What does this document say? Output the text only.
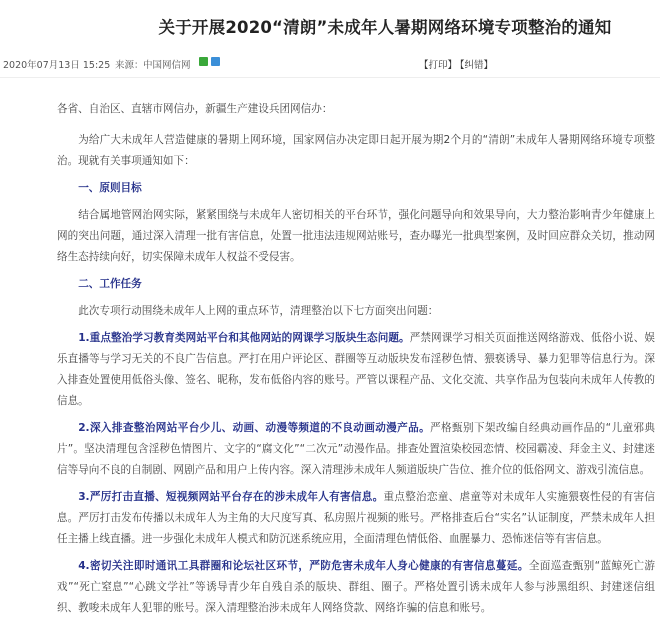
关于开展2020“清朗”未成年人暑期网络环境专项整治的通知
2020年07月13日 15:25 来源： 中国网信网	【打印】
【纠错】

各省、自治区、直辖市网信办，新疆生产建设兵团网信办：

为给广大未成年人营造健康的暑期上网环境，国家网信办决定即日起开展为期2个月的“清朗”未成年人暑期网络环境专项整治。现就有关事项通知如下：

一、原则目标

结合属地管网治网实际，紧紧围绕与未成年人密切相关的平台环节，强化问题导向和效果导向，大力整治影响青少年健康上网的突出问题，通过深入清理一批有害信息，处置一批违法违规网站账号，查办曝光一批典型案例，及时回应群众关切，推动网络生态持续向好，切实保障未成年人权益不受侵害。

二、工作任务

此次专项行动围绕未成年人上网的重点环节，清理整治以下七方面突出问题：

1.重点整治学习教育类网站平台和其他网站的网课学习版块生态问题。严禁网课学习相关页面推送网络游戏、低俗小说、娱乐直播等与学习无关的不良广告信息。严打在用户评论区、群圈等互动版块发布淫秽色情、猥亵诱导、暴力犯罪等信息行为。深入排查处置使用低俗头像、签名、昵称，发布低俗内容的账号。严管以课程产品、文化交流、共享作品为包装向未成年人传教的信息。

2.深入排查整治网站平台少儿、动画、动漫等频道的不良动画动漫产品。严格甄别下架改编自经典动画作品的“儿童邪典片”。坚决清理包含淫秽色情图片、文字的“腐文化”“二次元”动漫作品。排查处置渲染校园恋情、校园霸凌、拜金主义、封建迷信等导向不良的自制剧、网剧产品和用户上传内容。深入清理涉未成年人频道版块广告位、推介位的低俗网文、游戏引流信息。

3.严厉打击直播、短视频网站平台存在的涉未成年人有害信息。重点整治恋童、虐童等对未成年人实施猥亵性侵的有害信息。严厉打击发布传播以未成年人为主角的大尺度写真、私房照片视频的账号。严格排查后台“实名”认证制度，严禁未成年人担任主播上线直播。进一步强化未成年人模式和防沉迷系统应用，全面清理色情低俗、血腥暴力、恐怖迷信等有害信息。

4.密切关注即时通讯工具群圈和论坛社区环节，严防危害未成年人身心健康的有害信息蔓延。全面巡查甄别“蓝鲸死亡游戏”“死亡窒息”“心跳文学社”等诱导青少年自残自杀的版块、群组、圈子。严格处置引诱未成年人参与涉黑组织、封建迷信组织、教唆未成年人犯罪的账号。深入清理整治涉未成年人网络贷款、网络诈骗的信息和账号。
